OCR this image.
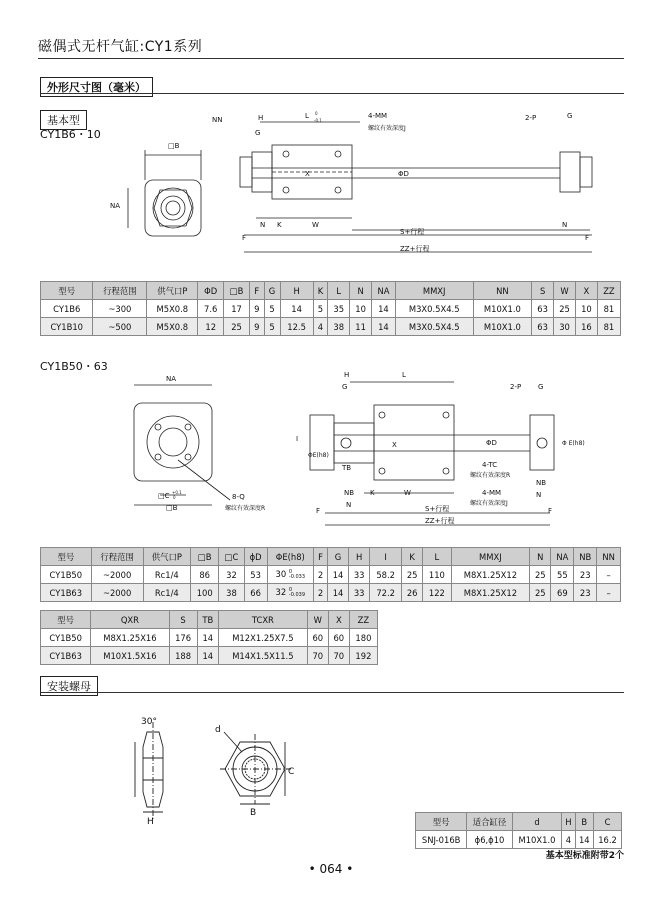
磁偶式无杆气缸:CY1系列
外形尺寸图（毫米）
基本型
CY1B6・10
□B
NA
NN	H
G
L 0
-0.1
4-MM
螺纹有效深度J
2-P	G
X	ΦD
F
N K	W	N
S+行程
F
ZZ+行程
型号	行程范围	供气口P	ΦD	□B	F	G	H	K	L	N	NA	MMXJ	NN	S	W	X	ZZ
CY1B6	~300	M5X0.8	7.6	17	9	5	14	5	35	10	14	M3X0.5X4.5	M10X1.0	63	25	10	81
CY1B10	~500	M5X0.8	12	25	9	5	12.5	4	38	11	14	M3X0.5X4.5	M10X1.0	63	30	16	81
CY1B50・63
NA
□C +0.1
0
□B
8-Q
螺纹有效深度R
H
G
L
2-P G
I
ΦE(h8)
X	ΦD	Φ E(h8)
TB	4-TC
螺纹有效深度R
NB K	W	4-MM
螺纹有效深度J
NB
N
N
F	S+行程	F
ZZ+行程
型号	行程范围	供气口P	□B	□C	ϕD	ΦE(h8)	F	G	H	I	K	L	MMXJ	N	NA	NB	NN
CY1B50	~2000	Rc1/4	86	32	53	30 0
-0.033	2	14	33	58.2	25	110	M8X1.25X12	25	55	23	–
CY1B63	~2000	Rc1/4	100	38	66	32 0
-0.039	2	14	33	72.2	26	122	M8X1.25X12	25	69	23	–
型号	QXR	S	TB	TCXR	W	X	ZZ
CY1B50	M8X1.25X16	176	14	M12X1.25X7.5	60	60	180
CY1B63	M10X1.5X16	188	14	M14X1.5X11.5	70	70	192
安装螺母
30°
H
d
C
B
型号	适合缸径	d	H	B	C
SNJ-016B	ϕ6,ϕ10	M10X1.0	4	14	16.2
基本型标准附带2个
• 064 •
